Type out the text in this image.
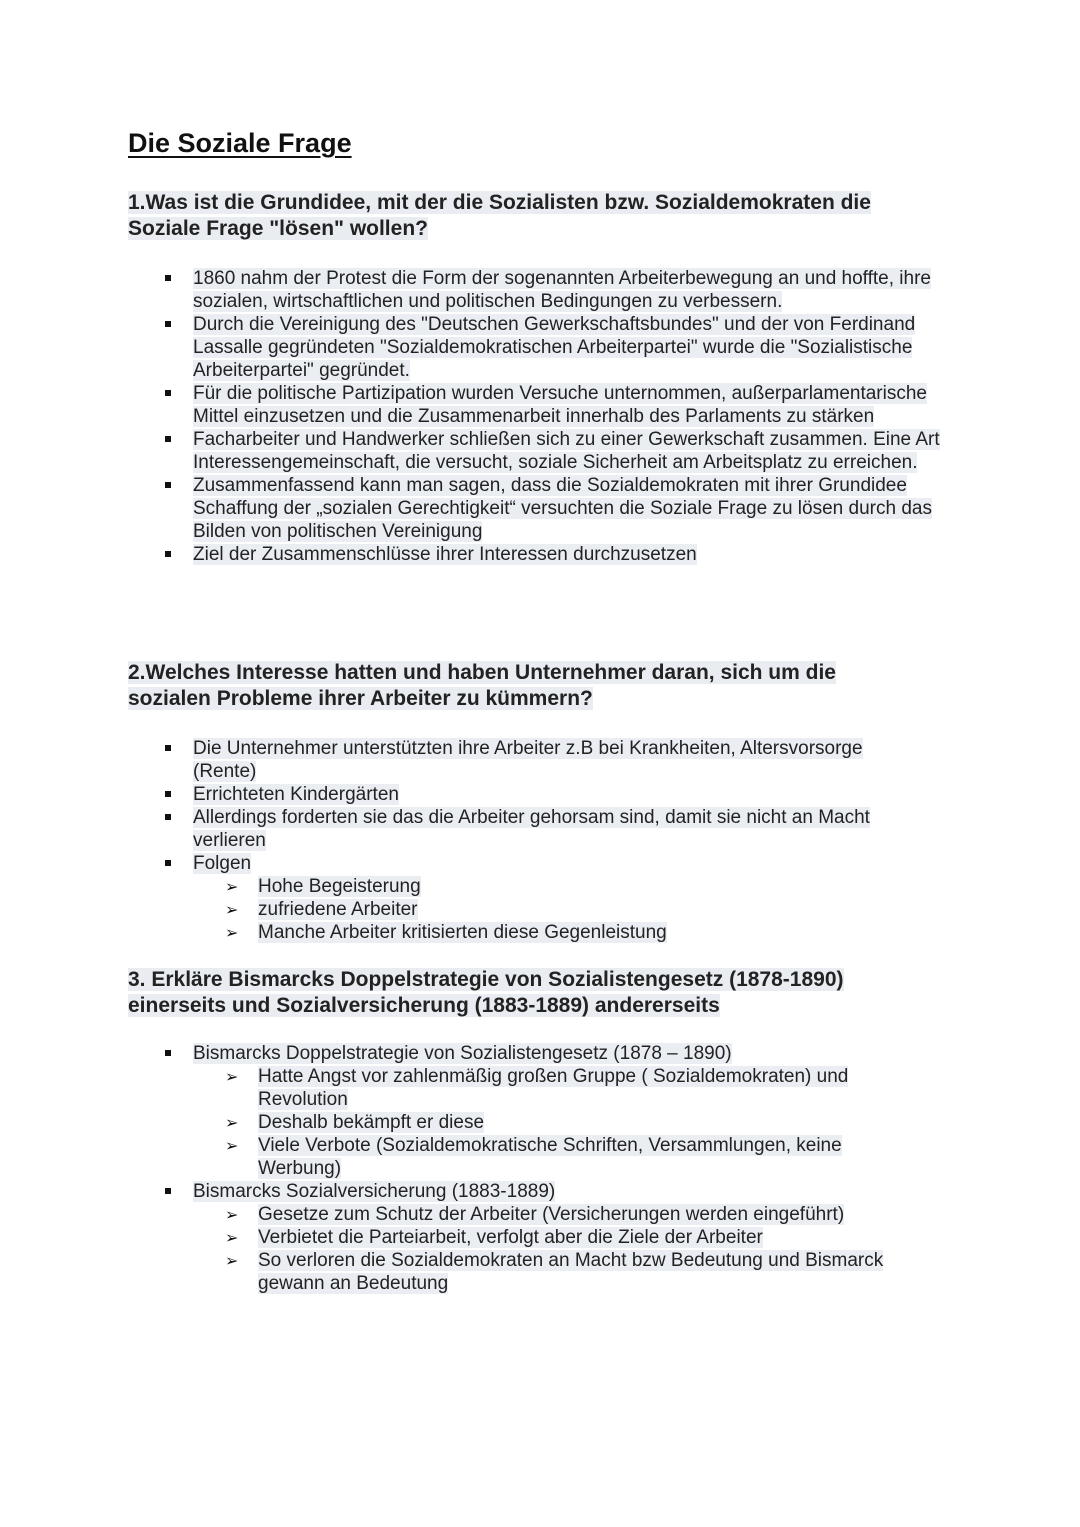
Die Soziale Frage
1.Was ist die Grundidee, mit der die Sozialisten bzw. Sozialdemokraten die Soziale Frage "lösen" wollen?
1860 nahm der Protest die Form der sogenannten Arbeiterbewegung an und hoffte, ihre sozialen, wirtschaftlichen und politischen Bedingungen zu verbessern.
Durch die Vereinigung des "Deutschen Gewerkschaftsbundes" und der von Ferdinand Lassalle gegründeten "Sozialdemokratischen Arbeiterpartei" wurde die "Sozialistische Arbeiterpartei" gegründet.
Für die politische Partizipation wurden Versuche unternommen, außerparlamentarische Mittel einzusetzen und die Zusammenarbeit innerhalb des Parlaments zu stärken
Facharbeiter und Handwerker schließen sich zu einer Gewerkschaft zusammen. Eine Art Interessengemeinschaft, die versucht, soziale Sicherheit am Arbeitsplatz zu erreichen.
Zusammenfassend kann man sagen, dass die Sozialdemokraten mit ihrer Grundidee Schaffung der „sozialen Gerechtigkeit“ versuchten die Soziale Frage zu lösen durch das Bilden von politischen Vereinigung
Ziel der Zusammenschlüsse ihrer Interessen durchzusetzen
2.Welches Interesse hatten und haben Unternehmer daran, sich um die sozialen Probleme ihrer Arbeiter zu kümmern?
Die Unternehmer unterstützten ihre Arbeiter z.B bei Krankheiten, Altersvorsorge (Rente)
Errichteten Kindergärten
Allerdings forderten sie das die Arbeiter gehorsam sind, damit sie nicht an Macht verlieren
Folgen
➢ Hohe Begeisterung
➢ zufriedene Arbeiter
➢ Manche Arbeiter kritisierten diese Gegenleistung
3. Erkläre Bismarcks Doppelstrategie von Sozialistengesetz (1878-1890) einerseits und Sozialversicherung (1883-1889) andererseits
Bismarcks Doppelstrategie von Sozialistengesetz (1878 – 1890)
➢ Hatte Angst vor zahlenmäßig großen Gruppe ( Sozialdemokraten) und Revolution
➢ Deshalb bekämpft er diese
➢ Viele Verbote (Sozialdemokratische Schriften, Versammlungen, keine Werbung)
Bismarcks Sozialversicherung (1883-1889)
➢ Gesetze zum Schutz der Arbeiter (Versicherungen werden eingeführt)
➢ Verbietet die Parteiarbeit, verfolgt aber die Ziele der Arbeiter
➢ So verloren die Sozialdemokraten an Macht bzw Bedeutung und Bismarck gewann an Bedeutung
